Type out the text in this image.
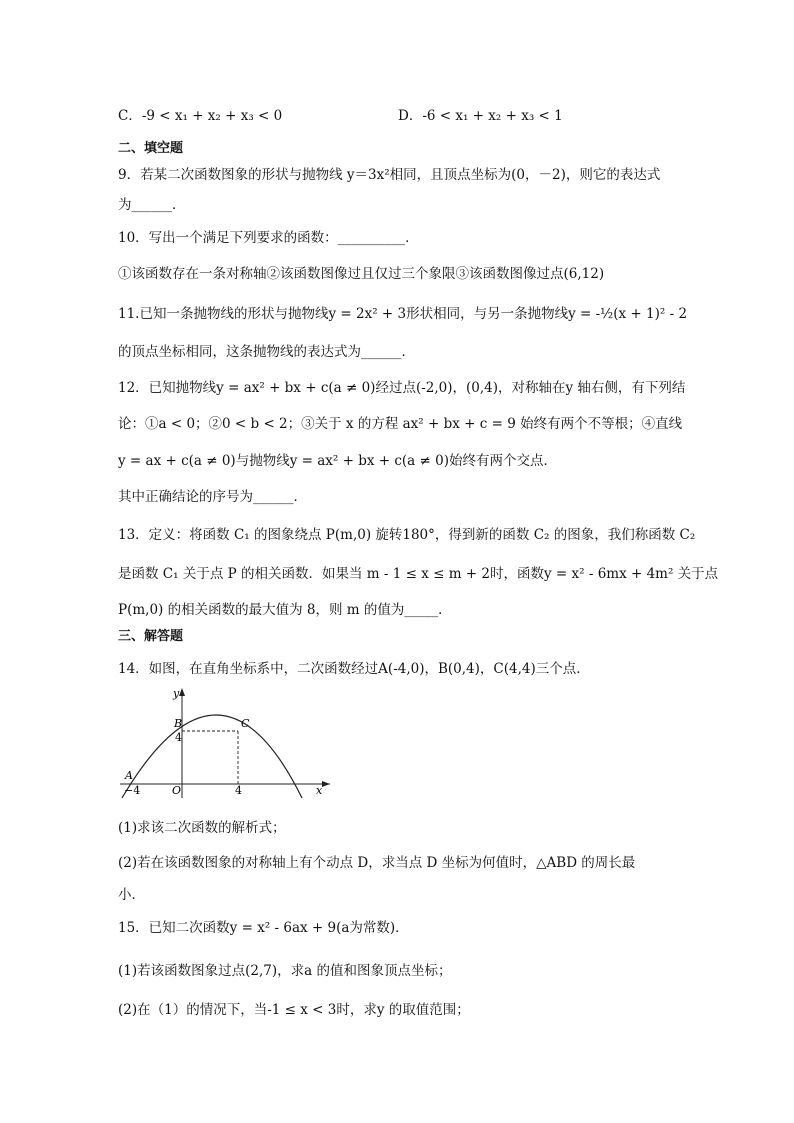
C．-9 < x₁ + x₂ + x₃ < 0	D．-6 < x₁ + x₂ + x₃ < 1
二、填空题
9．若某二次函数图象的形状与抛物线 y＝3x²相同，且顶点坐标为(0，－2)，则它的表达式
为______．
10．写出一个满足下列要求的函数：__________．
①该函数存在一条对称轴②该函数图像过且仅过三个象限③该函数图像过点(6,12)
11.已知一条抛物线的形状与抛物线y = 2x² + 3形状相同，与另一条抛物线y = -½(x + 1)² - 2
的顶点坐标相同，这条抛物线的表达式为______．
12．已知抛物线y = ax² + bx + c(a ≠ 0)经过点(-2,0)，(0,4)，对称轴在y 轴右侧，有下列结
论：①a < 0；②0 < b < 2；③关于 x 的方程 ax² + bx + c = 9 始终有两个不等根；④直线
y = ax + c(a ≠ 0)与抛物线y = ax² + bx + c(a ≠ 0)始终有两个交点．
其中正确结论的序号为______．
13．定义：将函数 C₁ 的图象绕点 P(m,0) 旋转180°，得到新的函数 C₂ 的图象，我们称函数 C₂
是函数 C₁ 关于点 P 的相关函数．如果当 m - 1 ≤ x ≤ m + 2时，函数y = x² - 6mx + 4m² 关于点
P(m,0) 的相关函数的最大值为 8，则 m 的值为_____．
三、解答题
14．如图，在直角坐标系中，二次函数经过A(-4,0)，B(0,4)，C(4,4)三个点．
y
x
B	C
A
O
4
−4	4
(1)求该二次函数的解析式；
(2)若在该函数图象的对称轴上有个动点 D，求当点 D 坐标为何值时，△ABD 的周长最
小．
15．已知二次函数y = x² - 6ax + 9(a为常数)．
(1)若该函数图象过点(2,7)，求a 的值和图象顶点坐标；
(2)在（1）的情况下，当-1 ≤ x < 3时，求y 的取值范围；
